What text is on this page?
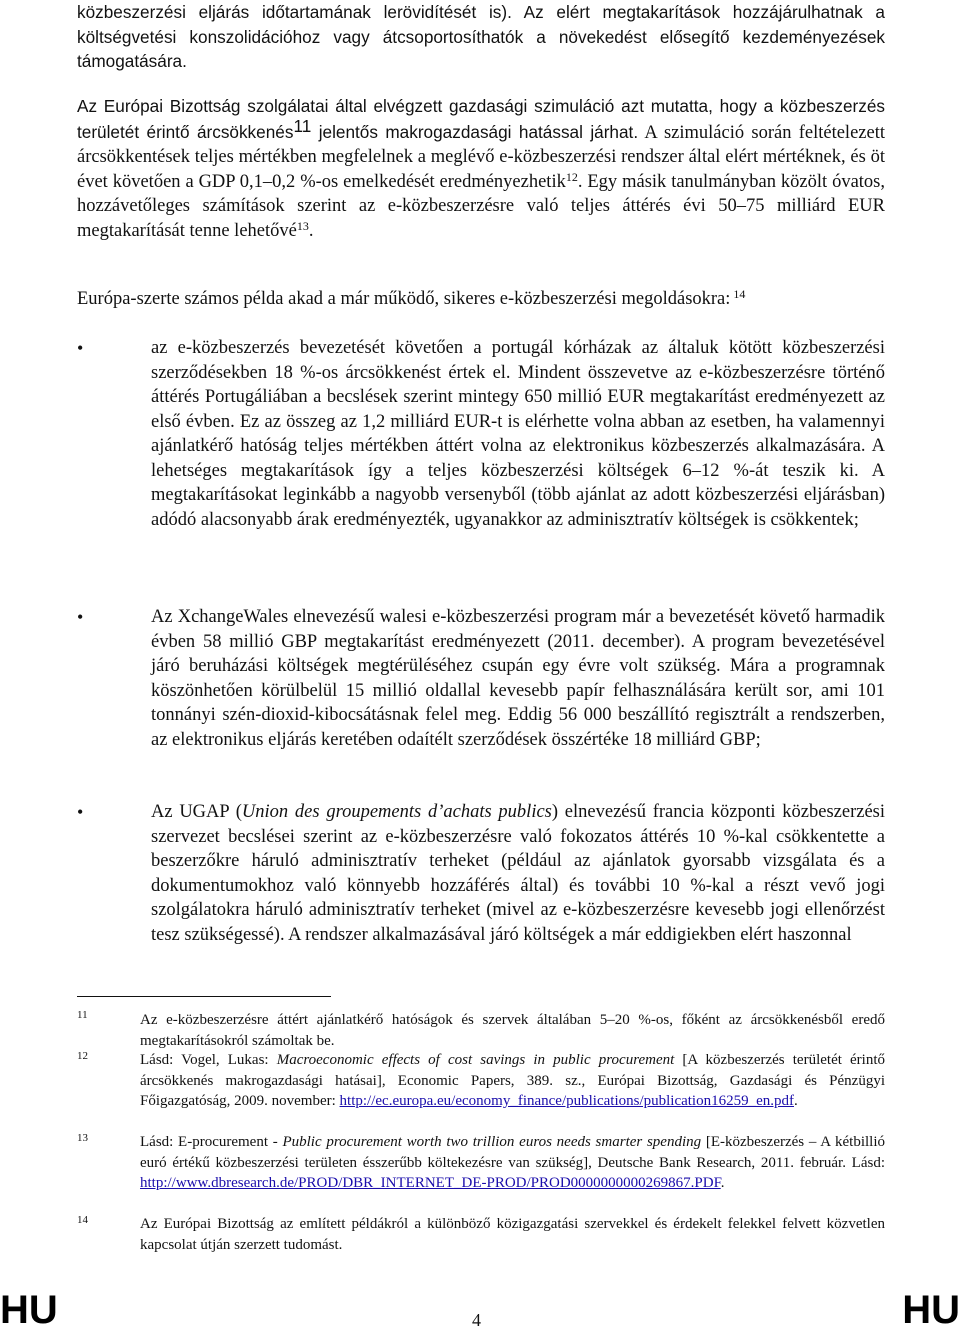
közbeszerzési eljárás időtartamának lerövidítését is). Az elért megtakarítások hozzájárulhatnak a költségvetési konszolidációhoz vagy átcsoportosíthatók a növekedést elősegítő kezdeményezések támogatására.

Az Európai Bizottság szolgálatai által elvégzett gazdasági szimuláció azt mutatta, hogy a közbeszerzés területét érintő árcsökkenés$^{11}$ jelentős makrogazdasági hatással járhat. A szimuláció során feltételezett árcsökkentések teljes mértékben megfelelnek a meglévő e-közbeszerzési rendszer által elért mértéknek, és öt évet követően a GDP 0,1–0,2 %-os emelkedését eredményezhetik$^{12}$. Egy másik tanulmányban közölt óvatos, hozzávetőleges számítások szerint az e-közbeszerzésre való teljes áttérés évi 50–75 milliárd EUR megtakarítását tenne lehetővé$^{13}$.

Európa-szerte számos példa akad a már működő, sikeres e-közbeszerzési megoldásokra: $^{14}$

•

az e-közbeszerzés bevezetését követően a portugál kórházak az általuk kötött közbeszerzési szerződésekben 18 %-os árcsökkenést értek el. Mindent összevetve az e-közbeszerzésre történő áttérés Portugáliában a becslések szerint mintegy 650 millió EUR megtakarítást eredményezett az első évben. Ez az összeg az 1,2 milliárd EUR-t is elérhette volna abban az esetben, ha valamennyi ajánlatkérő hatóság teljes mértékben áttért volna az elektronikus közbeszerzés alkalmazására. A lehetséges megtakarítások így a teljes közbeszerzési költségek 6–12 %-át teszik ki. A megtakarításokat leginkább a nagyobb versenyből (több ajánlat az adott közbeszerzési eljárásban) adódó alacsonyabb árak eredményezték, ugyanakkor az adminisztratív költségek is csökkentek;

•

Az XchangeWales elnevezésű walesi e-közbeszerzési program már a bevezetését követő harmadik évben 58 millió GBP megtakarítást eredményezett (2011. december). A program bevezetésével járó beruházási költségek megtérüléséhez csupán egy évre volt szükség. Mára a programnak köszönhetően körülbelül 15 millió oldallal kevesebb papír felhasználására került sor, ami 101 tonnányi szén-dioxid-kibocsátásnak felel meg. Eddig 56 000 beszállító regisztrált a rendszerben, az elektronikus eljárás keretében odaítélt szerződések összértéke 18 milliárd GBP;

•

Az UGAP (Union des groupements d’achats publics) elnevezésű francia központi közbeszerzési szervezet becslései szerint az e-közbeszerzésre való fokozatos áttérés 10 %-kal csökkentette a beszerzőkre háruló adminisztratív terheket (például az ajánlatok gyorsabb vizsgálata és a dokumentumokhoz való könnyebb hozzáférés által) és további 10 %-kal a részt vevő jogi szolgálatokra háruló adminisztratív terheket (mivel az e-közbeszerzésre kevesebb jogi ellenőrzést tesz szükségessé). A rendszer alkalmazásával járó költségek a már eddigiekben elért haszonnal

11	Az e-közbeszerzésre áttért ajánlatkérő hatóságok és szervek általában 5–20 %-os, főként az árcsökkenésből eredő megtakarításokról számoltak be.
12	Lásd: Vogel, Lukas: Macroeconomic effects of cost savings in public procurement [A közbeszerzés területét érintő árcsökkenés makrogazdasági hatásai], Economic Papers, 389. sz., Európai Bizottság, Gazdasági és Pénzügyi Főigazgatóság, 2009. november: http://ec.europa.eu/economy_finance/publications/publication16259_en.pdf.
13	Lásd: E-procurement - Public procurement worth two trillion euros needs smarter spending [E-közbeszerzés – A kétbillió euró értékű közbeszerzési területen ésszerűbb költekezésre van szükség], Deutsche Bank Research, 2011. február. Lásd: http://www.dbresearch.de/PROD/DBR_INTERNET_DE-PROD/PROD0000000000269867.PDF.
14	Az Európai Bizottság az említett példákról a különböző közigazgatási szervekkel és érdekelt felekkel felvett közvetlen kapcsolat útján szerzett tudomást.
HU	4	HU
